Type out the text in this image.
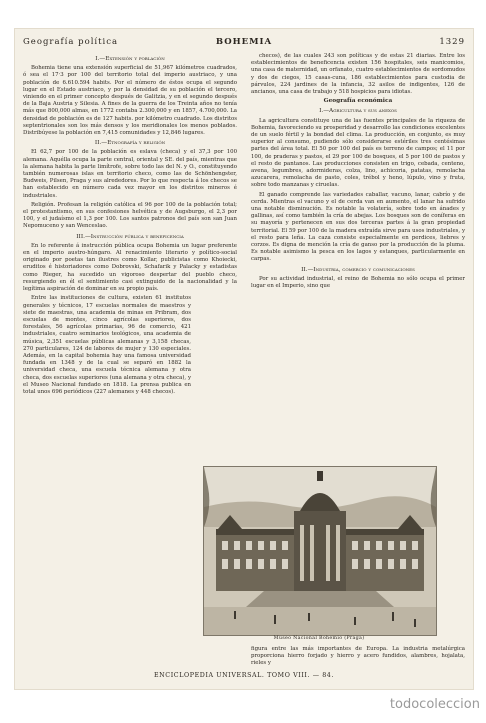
Geografía política	BOHEMIA	1329
I.—Extensión y población

Bohemia tiene una extensión superficial de 51,967 kilómetros cuadrados, ó sea el 17·3 por 100 del territorio total del imperio austriaco, y una población de 6.610.594 habits. Por el número de éstos ocupa el segundo lugar en el Estado austriaco, y por la densidad de su población el tercero, viniendo en el primer concepto después de Galitzia, y en el segundo después de la Baja Austria y Silesia. A fines de la guerra de los Treinta años no tenía más que 800,000 almas, en 1772 contaba 2.300,000 y en 1857, 4.700,000. La densidad de población es de 127 habits. por kilómetro cuadrado. Los distritos septentrionales son los más densos y los meridionales los menos poblados. Distribúyese la población en 7,415 comunidades y 12,846 lugares.

II.—Etnografía y religión

El 62,7 por 100 de la población es eslava (checa) y el 37,3 por 100 alemana. Aquélla ocupa la parte central, oriental y SE. del país, mientras que la alemana habita la parte limítrofe, sobre todo las del N. y O., constituyendo también numerosas islas en territorio checo, como las de Schönhengster, Budweis, Pilsen, Praga y sus alrededores. Por lo que respecta á los checos se han establecido en número cada vez mayor en los distritos mineros é industriales.

Religión. Profesan la religión católica el 96 por 100 de la población total; el protestantismo, en sus confesiones helvética y de Augsburgo, el 2,3 por 100, y el judaísmo el 1,3 por 100. Los santos patronos del país son san Juan Nepomuceno y san Wenceslao.

III.—Instrucción pública y beneficencia

En lo referente á instrucción pública ocupa Bohemia un lugar preferente en el imperio austro-húngaro. Al renacimiento literario y político-social originado por poetas tan ilustres como Kollar, publicistas como Khoiecki, eruditos é historiadores como Dobrovski, Schafarik y Palacky y estadistas como Rieger, ha sucedido un vigoroso despertar del pueblo checo, resurgiendo en él el sentimiento casi extinguido de la nacionalidad y la legítima aspiración de dominar en su propio país.

Entre las instituciones de cultura, existen 61 institutos generales y técnicos, 17 escuelas normales de maestros y siete de maestras, una academia de minas en Pribram, dos escuelas de montes, cinco agrícolas superiores, dos forestales, 56 agrícolas primarias, 96 de comercio, 421 industriales, cuatro seminarios teológicos, una academia de música, 2,351 escuelas públicas alemanas y 3,158 checas, 270 particulares, 124 de labores de mujer y 130 especiales. Además, en la capital bohemia hay una famosa universidad fundada en 1348 y de la cual se separó en 1882 la universidad checa, una escuela técnica alemana y otra checa, dos escuelas superiores (una alemana y otra checa), y el Museo Nacional fundado en 1818. La prensa publica en total unos 696 periódicos (227 alemanes y 448 checos).

checos), de las cuales 243 son políticas y de estas 21 diarias. Entre los establecimientos de beneficencia existen 156 hospitales, seis manicomios, una casa de maternidad, un orfanato, cuatro establecimientos de sordomudos y dos de ciegos, 15 casas-cuna, 186 establecimientos para custodia de párvulos, 224 jardines de la infancia, 32 asilos de indigentes, 126 de ancianos, una casa de trabajo y 518 hospicios para idiotas.

Geografía económica
I.—Agricultura y sus anexos

La agricultura constituye una de las fuentes principales de la riqueza de Bohemia, favoreciendo su prosperidad y desarrollo las condiciones excelentes de un suelo fértil y la bondad del clima. La producción, en conjunto, es muy superior al consumo, pudiendo sólo considerarse estériles tres centésimas partes del área total. El 50 por 100 del país es terreno de campos; el 11 por 100, de praderas y pastos, el 29 por 100 de bosques, el 5 por 100 de pastos y el resto de pantanos. Las producciones consisten en trigo, cebada, centeno, avena, legumbres, adormideras, colza, lino, achicoria, patatas, remolacha azucarera, remolacha de pasto, coles, trébol y heno, lúpulo, vino y fruta, sobre todo manzanas y ciruelas.

El ganado comprende las variedades caballar, vacuno, lanar, cabrío y de cerda. Mientras el vacuno y el de cerda van en aumento, el lanar ha sufrido una notable disminución. Es notable la volatería, sobre todo en ánades y gallinas, así como también la cría de abejas. Los bosques son de coníferas en su mayoría y pertenecen en sus dos terceras partes á la gran propiedad territorial. El 59 por 100 de la madera extraída sirve para usos industriales, y el resto para leña. La caza consiste especialmente en perdices, liebres y corzos. Es digna de mención la cría de ganso por la producción de la pluma. Es notable asimismo la pesca en los lagos y estanques, particularmente en carpas.

II.—Industria, comercio y comunicaciones

Por su actividad industrial, el reino de Bohemia no sólo ocupa el primer lugar en el Imperio, sino que

Museo Nacional Bohemio (Praga)
figura entre las más importantes de Europa. La industria metalúrgica proporciona hierro forjado y hierro y acero fundidos, alambres, hojalata, rieles y
ENCICLOPEDIA UNIVERSAL. TOMO VIII. — 84.
todocoleccion
